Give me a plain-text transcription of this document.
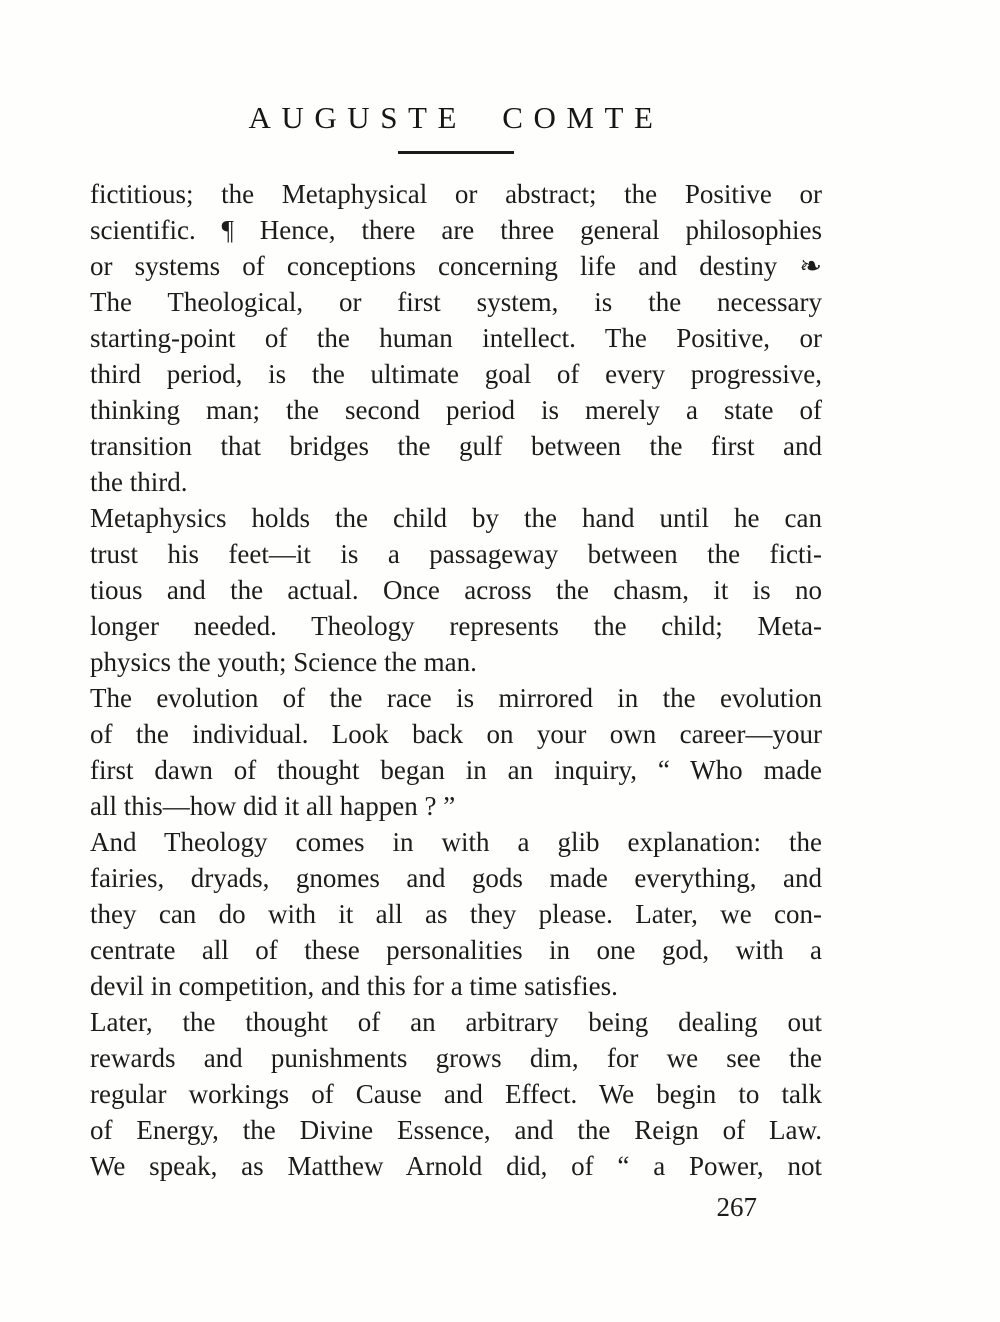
AUGUSTE COMTE
fictitious; the Metaphysical or abstract; the Positive or
scientific. ¶ Hence, there are three general philosophies
or systems of conceptions concerning life and destiny ❧
The Theological, or first system, is the necessary
starting-point of the human intellect. The Positive, or
third period, is the ultimate goal of every progressive,
thinking man; the second period is merely a state of
transition that bridges the gulf between the first and
the third.
Metaphysics holds the child by the hand until he can
trust his feet—it is a passageway between the ficti-
tious and the actual. Once across the chasm, it is no
longer needed. Theology represents the child; Meta-
physics the youth; Science the man.
The evolution of the race is mirrored in the evolution
of the individual. Look back on your own career—your
first dawn of thought began in an inquiry, “ Who made
all this—how did it all happen ? ”
And Theology comes in with a glib explanation: the
fairies, dryads, gnomes and gods made everything, and
they can do with it all as they please. Later, we con-
centrate all of these personalities in one god, with a
devil in competition, and this for a time satisfies.
Later, the thought of an arbitrary being dealing out
rewards and punishments grows dim, for we see the
regular workings of Cause and Effect. We begin to talk
of Energy, the Divine Essence, and the Reign of Law.
We speak, as Matthew Arnold did, of “ a Power, not
267
